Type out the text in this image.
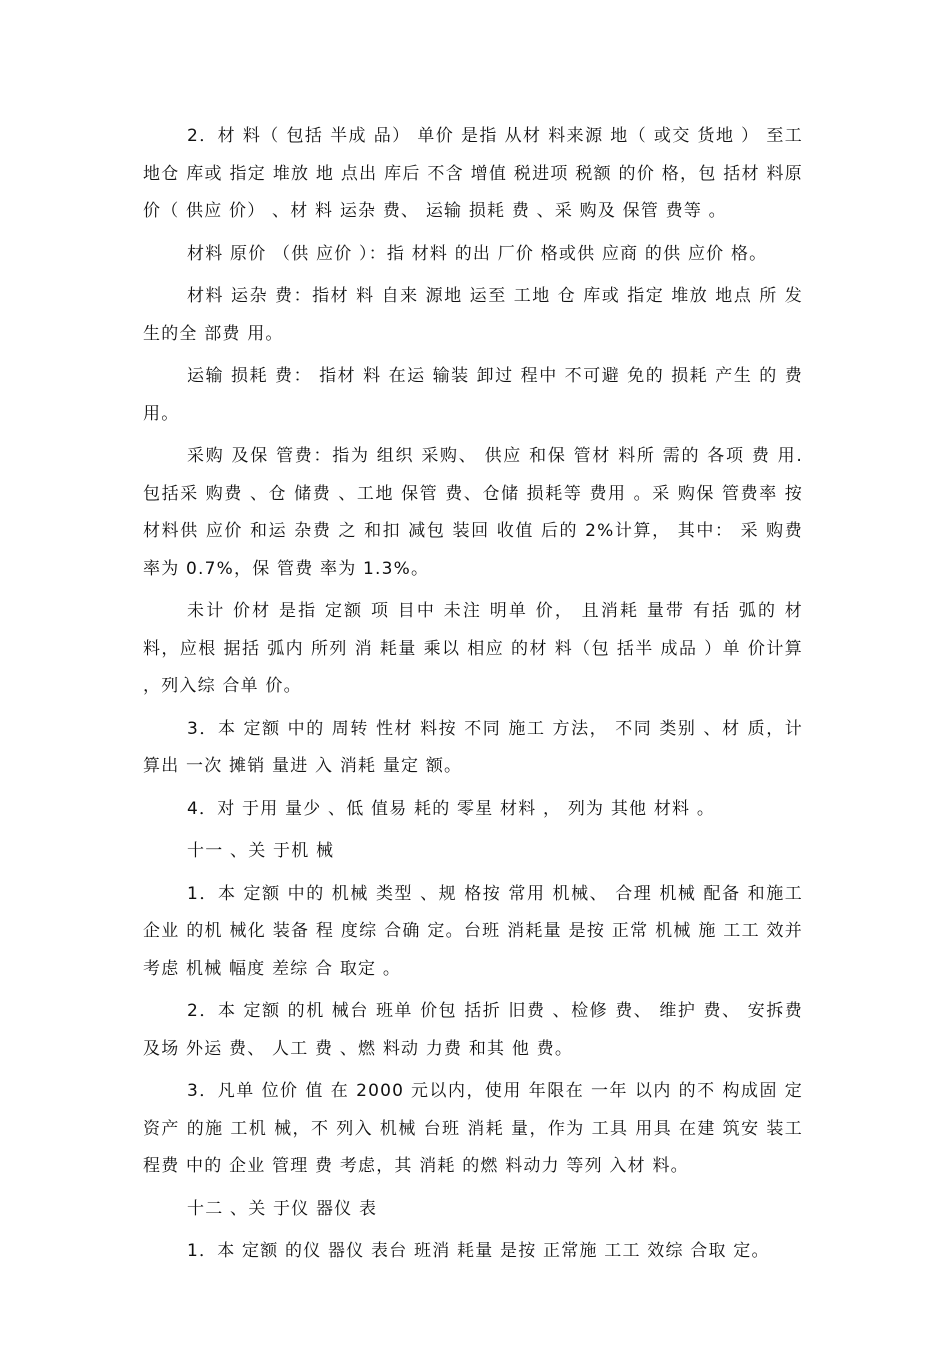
2．材 料（ 包括 半成 品） 单价 是指 从材 料来源 地（ 或交 货地 ） 至工地仓 库或 指定 堆放 地 点出 库后 不含 增值 税进项 税额 的价 格，包 括材 料原价（ 供应 价） 、材 料 运杂 费、 运输 损耗 费 、采 购及 保管 费等 。

材料 原价 （供 应价 ）：指 材料 的出 厂价 格或供 应商 的供 应价 格。

材料 运杂 费：指材 料 自来 源地 运至 工地 仓 库或 指定 堆放 地点 所 发生的全 部费 用。

运输 损耗 费： 指材 料 在运 输装 卸过 程中 不可避 免的 损耗 产生 的 费用。

采购 及保 管费：指为 组织 采购、 供应 和保 管材 料所 需的 各项 费 用. 包括采 购费 、仓 储费 、工地 保管 费、仓储 损耗等 费用 。采 购保 管费率 按材料供 应价 和运 杂费 之 和扣 减包 装回 收值 后的 2%计算， 其中： 采 购费 率为 0.7%，保 管费 率为 1.3%。

未计 价材 是指 定额 项 目中 未注 明单 价， 且消耗 量带 有括 弧的 材 料，应根 据括 弧内 所列 消 耗量 乘以 相应 的材 料（包 括半 成品 ）单 价计算 ，列入综 合单 价。

3．本 定额 中的 周转 性材 料按 不同 施工 方法， 不同 类别 、材 质，计算出 一次 摊销 量进 入 消耗 量定 额。

4．对 于用 量少 、低 值易 耗的 零星 材料 ， 列为 其他 材料 。

十一 、关 于机 械

1．本 定额 中的 机械 类型 、规 格按 常用 机械、 合理 机械 配备 和施工企业 的机 械化 装备 程 度综 合确 定。台班 消耗量 是按 正常 机械 施 工工 效并考虑 机械 幅度 差综 合 取定 。

2．本 定额 的机 械台 班单 价包 括折 旧费 、检修 费、 维护 费、 安拆费及场 外运 费、 人工 费 、燃 料动 力费 和其 他 费。

3．凡单 位价 值 在 2000 元以内，使用 年限在 一年 以内 的不 构成固 定资产 的施 工机 械，不 列入 机械 台班 消耗 量，作为 工具 用具 在建 筑安 装工程费 中的 企业 管理 费 考虑，其 消耗 的燃 料动力 等列 入材 料。

十二 、关 于仪 器仪 表

1．本 定额 的仪 器仪 表台 班消 耗量 是按 正常施 工工 效综 合取 定。
